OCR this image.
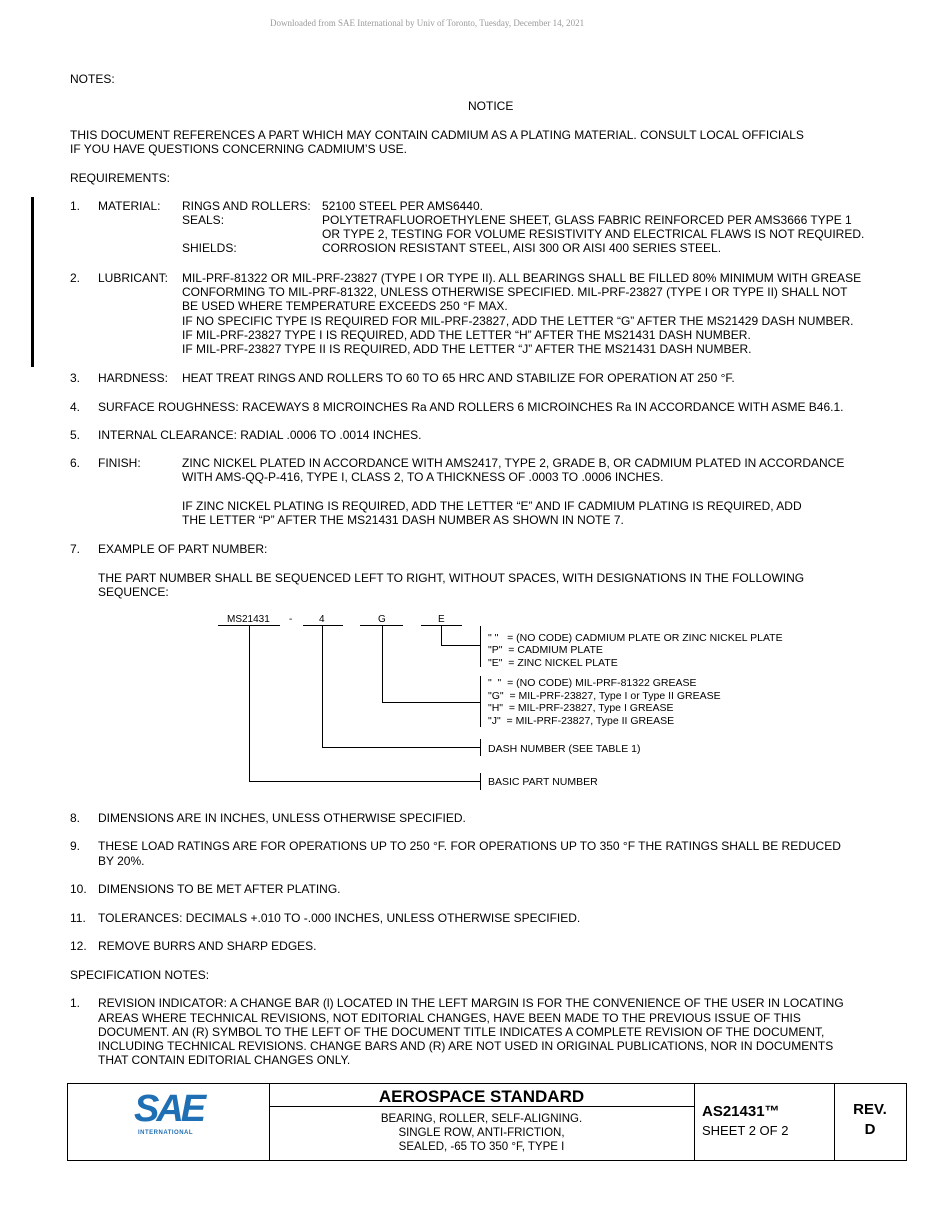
Downloaded from SAE International by Univ of Toronto, Tuesday, December 14, 2021
NOTES:
NOTICE
THIS DOCUMENT REFERENCES A PART WHICH MAY CONTAIN CADMIUM AS A PLATING MATERIAL. CONSULT LOCAL OFFICIALS
IF YOU HAVE QUESTIONS CONCERNING CADMIUM’S USE.
REQUIREMENTS:
1. MATERIAL: RINGS AND ROLLERS: 52100 STEEL PER AMS6440.
SEALS:	POLYTETRAFLUOROETHYLENE SHEET, GLASS FABRIC REINFORCED PER AMS3666 TYPE 1
OR TYPE 2, TESTING FOR VOLUME RESISTIVITY AND ELECTRICAL FLAWS IS NOT REQUIRED.
SHIELDS:	CORROSION RESISTANT STEEL, AISI 300 OR AISI 400 SERIES STEEL.
2. LUBRICANT: MIL-PRF-81322 OR MIL-PRF-23827 (TYPE I OR TYPE II). ALL BEARINGS SHALL BE FILLED 80% MINIMUM WITH GREASE
CONFORMING TO MIL-PRF-81322, UNLESS OTHERWISE SPECIFIED. MIL-PRF-23827 (TYPE I OR TYPE II) SHALL NOT
BE USED WHERE TEMPERATURE EXCEEDS 250 °F MAX.
IF NO SPECIFIC TYPE IS REQUIRED FOR MIL-PRF-23827, ADD THE LETTER “G” AFTER THE MS21429 DASH NUMBER.
IF MIL-PRF-23827 TYPE I IS REQUIRED, ADD THE LETTER “H” AFTER THE MS21431 DASH NUMBER.
IF MIL-PRF-23827 TYPE II IS REQUIRED, ADD THE LETTER “J” AFTER THE MS21431 DASH NUMBER.
3. HARDNESS: HEAT TREAT RINGS AND ROLLERS TO 60 TO 65 HRC AND STABILIZE FOR OPERATION AT 250 °F.
4. SURFACE ROUGHNESS: RACEWAYS 8 MICROINCHES Ra AND ROLLERS 6 MICROINCHES Ra IN ACCORDANCE WITH ASME B46.1.
5. INTERNAL CLEARANCE: RADIAL .0006 TO .0014 INCHES.
6. FINISH:	ZINC NICKEL PLATED IN ACCORDANCE WITH AMS2417, TYPE 2, GRADE B, OR CADMIUM PLATED IN ACCORDANCE
WITH AMS-QQ-P-416, TYPE I, CLASS 2, TO A THICKNESS OF .0003 TO .0006 INCHES.
IF ZINC NICKEL PLATING IS REQUIRED, ADD THE LETTER “E” AND IF CADMIUM PLATING IS REQUIRED, ADD
THE LETTER “P” AFTER THE MS21431 DASH NUMBER AS SHOWN IN NOTE 7.
7. EXAMPLE OF PART NUMBER:
THE PART NUMBER SHALL BE SEQUENCED LEFT TO RIGHT, WITHOUT SPACES, WITH DESIGNATIONS IN THE FOLLOWING
SEQUENCE:
MS21431 -	4	G	E
" "   = (NO CODE) CADMIUM PLATE OR ZINC NICKEL PLATE
"P"  = CADMIUM PLATE
"E"  = ZINC NICKEL PLATE
"  "  = (NO CODE) MIL-PRF-81322 GREASE
"G"  = MIL-PRF-23827, Type I or Type II GREASE
"H"  = MIL-PRF-23827, Type I GREASE
"J"  = MIL-PRF-23827, Type II GREASE
DASH NUMBER (SEE TABLE 1)
BASIC PART NUMBER
8. DIMENSIONS ARE IN INCHES, UNLESS OTHERWISE SPECIFIED.
9. THESE LOAD RATINGS ARE FOR OPERATIONS UP TO 250 °F. FOR OPERATIONS UP TO 350 °F THE RATINGS SHALL BE REDUCED
BY 20%.
10. DIMENSIONS TO BE MET AFTER PLATING.
11. TOLERANCES: DECIMALS +.010 TO -.000 INCHES, UNLESS OTHERWISE SPECIFIED.
12. REMOVE BURRS AND SHARP EDGES.
SPECIFICATION NOTES:
1. REVISION INDICATOR: A CHANGE BAR (l) LOCATED IN THE LEFT MARGIN IS FOR THE CONVENIENCE OF THE USER IN LOCATING
AREAS WHERE TECHNICAL REVISIONS, NOT EDITORIAL CHANGES, HAVE BEEN MADE TO THE PREVIOUS ISSUE OF THIS
DOCUMENT. AN (R) SYMBOL TO THE LEFT OF THE DOCUMENT TITLE INDICATES A COMPLETE REVISION OF THE DOCUMENT,
INCLUDING TECHNICAL REVISIONS. CHANGE BARS AND (R) ARE NOT USED IN ORIGINAL PUBLICATIONS, NOR IN DOCUMENTS
THAT CONTAIN EDITORIAL CHANGES ONLY.
SAE
INTERNATIONAL
AEROSPACE STANDARD
BEARING, ROLLER, SELF-ALIGNING.
SINGLE ROW, ANTI-FRICTION,
SEALED, -65 TO 350 °F, TYPE I
AS21431™
SHEET 2 OF 2
REV.
D
